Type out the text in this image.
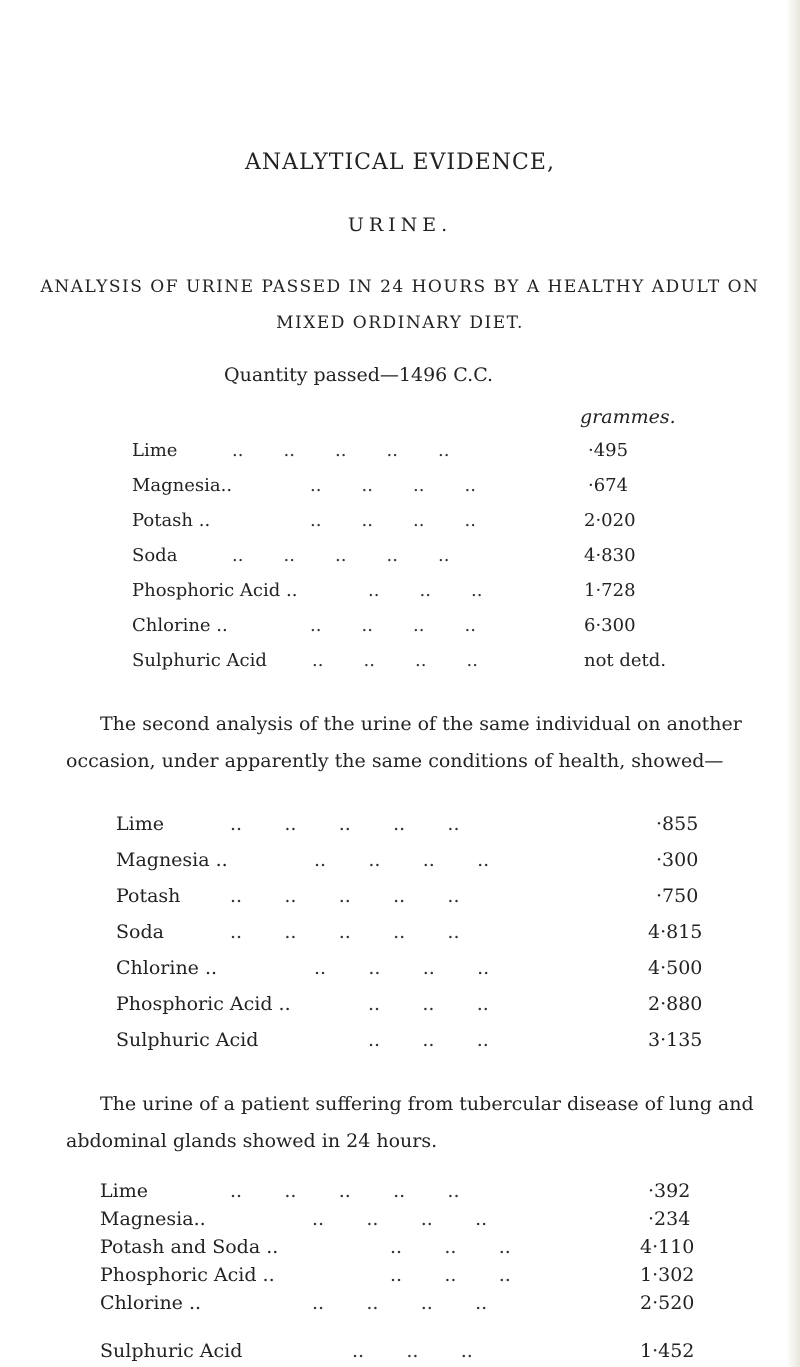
ANALYTICAL EVIDENCE,
URINE.
ANALYSIS OF URINE PASSED IN 24 HOURS BY A HEALTHY ADULT ON
MIXED ORDINARY DIET.
Quantity passed—1496 C.C.
grammes.
Lime	..       ..       ..       ..       ..	·495
Magnesia..	..       ..       ..       ..	·674
Potash ..	..       ..       ..       ..	2·020
Soda	..       ..       ..       ..       ..	4·830
Phosphoric Acid ..	..       ..       ..	1·728
Chlorine ..	..       ..       ..       ..	6·300
Sulphuric Acid	..       ..       ..       ..	not detd.
The second analysis of the urine of the same individual on another
occasion, under apparently the same conditions of health, showed—
Lime	..       ..       ..       ..       ..	·855
Magnesia ..	..       ..       ..       ..	·300
Potash	..       ..       ..       ..       ..	·750
Soda	..       ..       ..       ..       ..	4·815
Chlorine ..	..       ..       ..       ..	4·500
Phosphoric Acid ..	..       ..       ..	2·880
Sulphuric Acid	..       ..       ..	3·135
The urine of a patient suffering from tubercular disease of lung and
abdominal glands showed in 24 hours.
Lime	..       ..       ..       ..       ..	·392
Magnesia..	..       ..       ..       ..	·234
Potash and Soda ..	..       ..       ..	4·110
Phosphoric Acid ..	..       ..       ..	1·302
Chlorine ..	..       ..       ..       ..	2·520
Sulphuric Acid	..       ..       ..	1·452
